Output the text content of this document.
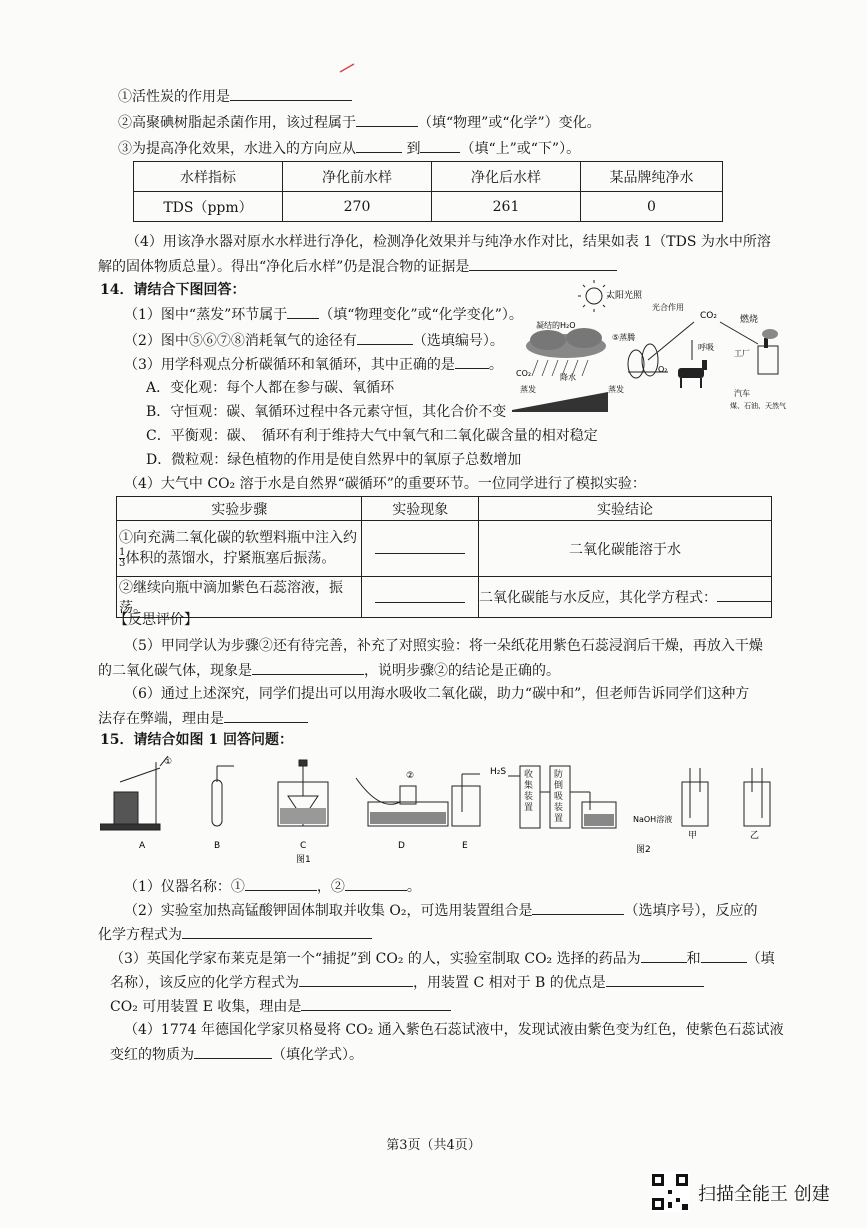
①活性炭的作用是
②高聚碘树脂起杀菌作用，该过程属于	（填“物理”或“化学”）变化。
③为提高净化效果，水进入的方向应从	到	（填“上”或“下”）。
水样指标	净化前水样	净化后水样	某品牌纯净水
TDS（ppm）	270	261	0
（4）用该净水器对原水水样进行净化，检测净化效果并与纯净水作对比，结果如表 1（TDS 为水中所溶
解的固体物质总量）。得出“净化后水样”仍是混合物的证据是
14．请结合下图回答：
（1）图中“蒸发”环节属于 （填“物理变化”或“化学变化”）。
（2）图中⑤⑥⑦⑧消耗氧气的途径有	（选填编号）。
（3）用学科观点分析碳循环和氧循环，其中正确的是 。
A．变化观：每个人都在参与碳、氧循环
B．守恒观：碳、氧循环过程中各元素守恒，其化合价不变
C．平衡观：碳、　循环有利于维持大气中氧气和二氧化碳含量的相对稳定
D．微粒观：绿色植物的作用是使自然界中的氧原子总数增加
太阳光照
光合作用
CO₂	燃烧
凝结的H₂O
⑤蒸腾
呼吸
O₂
CO₂	降水
蒸发	蒸发
工厂
汽车
煤、石油、天然气
（4）大气中 CO₂ 溶于水是自然界“碳循环”的重要环节。一位同学进行了模拟实验：
实验步骤	实验现象	实验结论
①向充满二氧化碳的软塑料瓶中注入约

$\frac{1}{3}$ 体积的蒸馏水，拧紧瓶塞后振荡。		二氧化碳能溶于水
②继续向瓶中滴加紫色石蕊溶液，振荡。		二氧化碳能与水反应，其化学方程式：
【反思评价】
（5）甲同学认为步骤②还有待完善，补充了对照实验：将一朵纸花用紫色石蕊浸润后干燥，再放入干燥
的二氧化碳气体，现象是	，说明步骤②的结论是正确的。
（6）通过上述深究，同学们提出可以用海水吸收二氧化碳，助力“碳中和”，但老师告诉同学们这种方
法存在弊端，理由是
15．请结合如图 1 回答问题：
①
②	H₂S
NaOH溶液
A	B	C	D	E
图1
图2
甲	乙
收集装置
防倒吸装置
（1）仪器名称：①	，②	。
（2）实验室加热高锰酸钾固体制取并收集 O₂，可选用装置组合是	（选填序号），反应的
化学方程式为
（3）英国化学家布莱克是第一个“捕捉”到 CO₂ 的人，实验室制取 CO₂ 选择的药品为	和	（填
名称），该反应的化学方程式为	，用装置 C 相对于 B 的优点是
CO₂ 可用装置 E 收集，理由是
（4）1774 年德国化学家贝格曼将 CO₂ 通入紫色石蕊试液中，发现试液由紫色变为红色，使紫色石蕊试液
变红的物质为	（填化学式）。
第3页（共4页）
扫描全能王 创建
